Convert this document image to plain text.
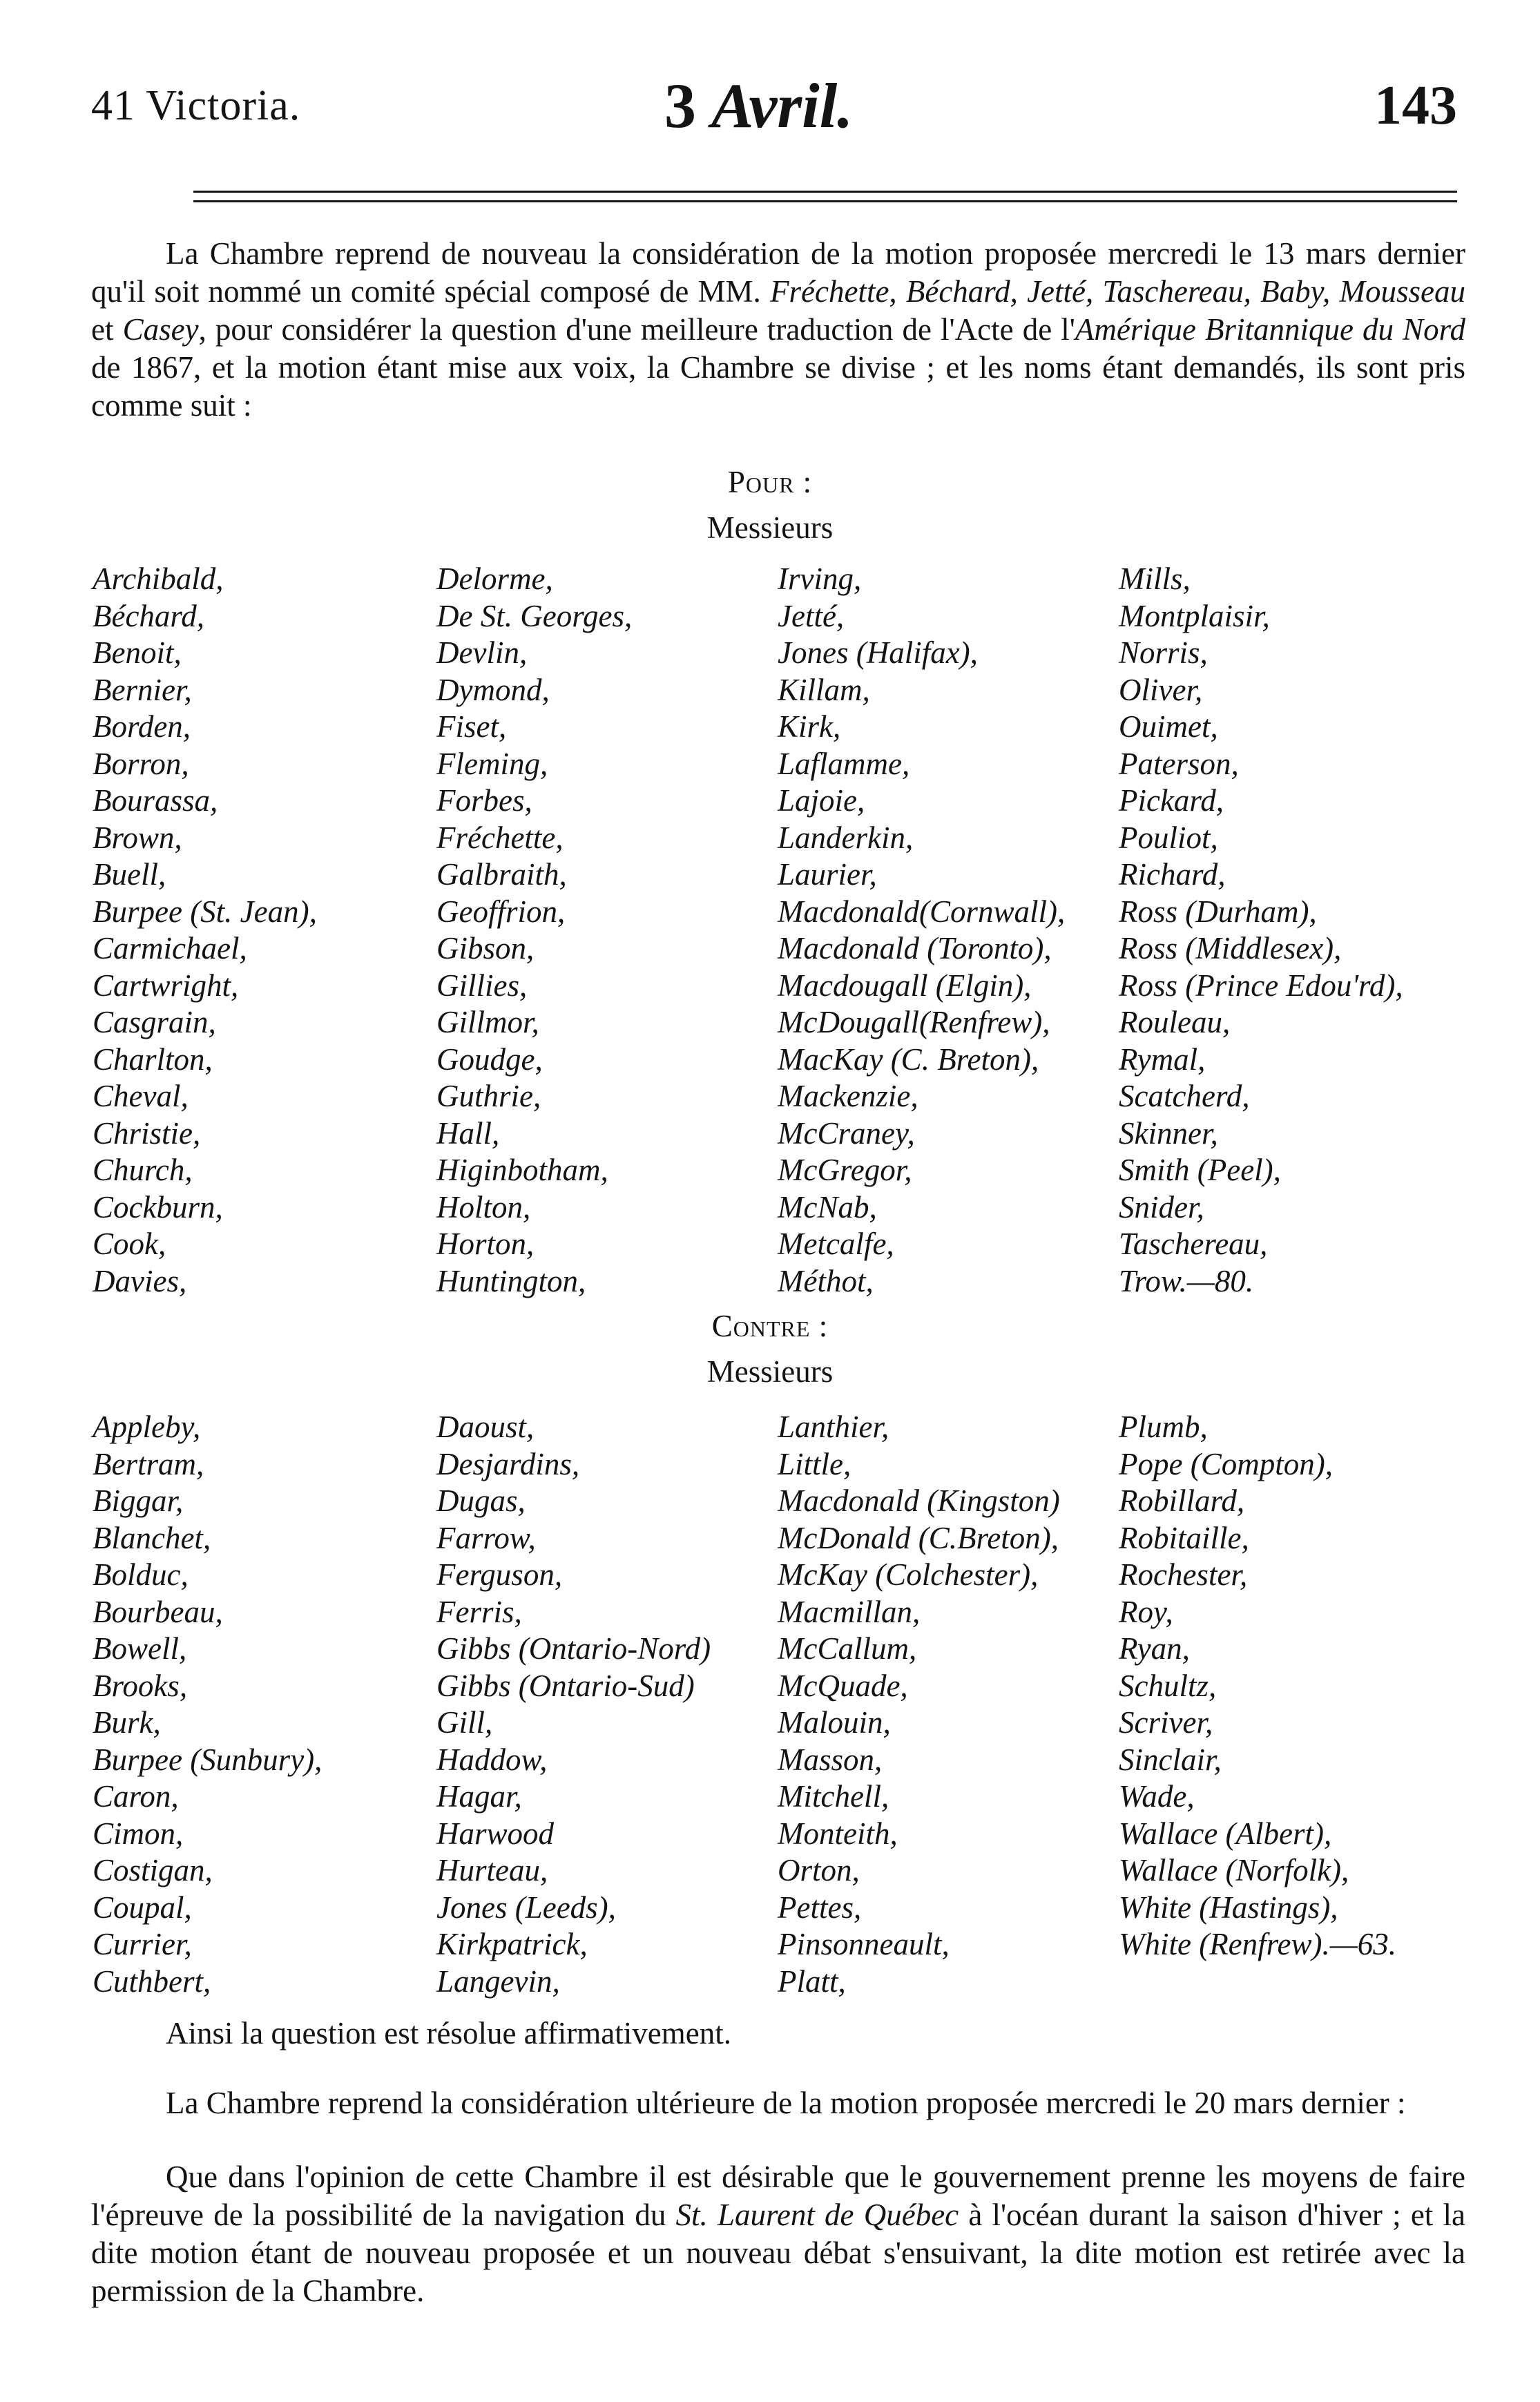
41 Victoria.	3 Avril.	143
La Chambre reprend de nouveau la considération de la motion proposée mercredi le 13 mars dernier qu'il soit nommé un comité spécial composé de MM. Fréchette, Béchard, Jetté, Taschereau, Baby, Mousseau et Casey, pour considérer la question d'une meilleure traduction de l'Acte de l'Amérique Britannique du Nord de 1867, et la motion étant mise aux voix, la Chambre se divise ; et les noms étant demandés, ils sont pris comme suit :
Pour :
Messieurs
Archibald,
Béchard,
Benoit,
Bernier,
Borden,
Borron,
Bourassa,
Brown,
Buell,
Burpee (St. Jean),
Carmichael,
Cartwright,
Casgrain,
Charlton,
Cheval,
Christie,
Church,
Cockburn,
Cook,
Davies,
Delorme,
De St. Georges,
Devlin,
Dymond,
Fiset,
Fleming,
Forbes,
Fréchette,
Galbraith,
Geoffrion,
Gibson,
Gillies,
Gillmor,
Goudge,
Guthrie,
Hall,
Higinbotham,
Holton,
Horton,
Huntington,
Irving,
Jetté,
Jones (Halifax),
Killam,
Kirk,
Laflamme,
Lajoie,
Landerkin,
Laurier,
Macdonald(Cornwall),
Macdonald (Toronto),
Macdougall (Elgin),
McDougall(Renfrew),
MacKay (C. Breton),
Mackenzie,
McCraney,
McGregor,
McNab,
Metcalfe,
Méthot,
Mills,
Montplaisir,
Norris,
Oliver,
Ouimet,
Paterson,
Pickard,
Pouliot,
Richard,
Ross (Durham),
Ross (Middlesex),
Ross (Prince Edou'rd),
Rouleau,
Rymal,
Scatcherd,
Skinner,
Smith (Peel),
Snider,
Taschereau,
Trow.—80.
Contre :
Messieurs
Appleby,
Bertram,
Biggar,
Blanchet,
Bolduc,
Bourbeau,
Bowell,
Brooks,
Burk,
Burpee (Sunbury),
Caron,
Cimon,
Costigan,
Coupal,
Currier,
Cuthbert,
Daoust,
Desjardins,
Dugas,
Farrow,
Ferguson,
Ferris,
Gibbs (Ontario-Nord)
Gibbs (Ontario-Sud)
Gill,
Haddow,
Hagar,
Harwood
Hurteau,
Jones (Leeds),
Kirkpatrick,
Langevin,
Lanthier,
Little,
Macdonald (Kingston)
McDonald (C.Breton),
McKay (Colchester),
Macmillan,
McCallum,
McQuade,
Malouin,
Masson,
Mitchell,
Monteith,
Orton,
Pettes,
Pinsonneault,
Platt,
Plumb,
Pope (Compton),
Robillard,
Robitaille,
Rochester,
Roy,
Ryan,
Schultz,
Scriver,
Sinclair,
Wade,
Wallace (Albert),
Wallace (Norfolk),
White (Hastings),
White (Renfrew).—63.
Ainsi la question est résolue affirmativement.
La Chambre reprend la considération ultérieure de la motion proposée mercredi le 20 mars dernier :
Que dans l'opinion de cette Chambre il est désirable que le gouvernement prenne les moyens de faire l'épreuve de la possibilité de la navigation du St. Laurent de Québec à l'océan durant la saison d'hiver ; et la dite motion étant de nouveau proposée et un nouveau débat s'ensuivant, la dite motion est retirée avec la permission de la Chambre.
